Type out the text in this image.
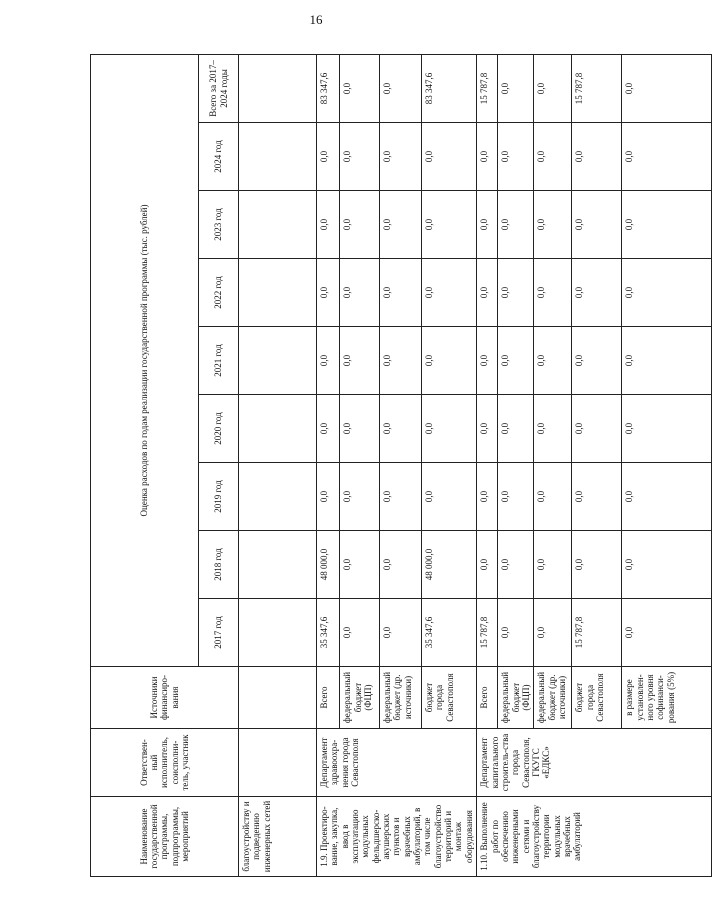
16
Наименование государственной программы, подпрограммы, мероприятий	Ответствен-ный исполнитель, соисполни-тель, участник	Источники финансиро-вания	Оценка расходов по годам реализации государственной программы (тыс. рублей)								
			2017 год	2018 год	2019 год	2020 год	2021 год	2022 год	2023 год	2024 год	Всего за 2017–2024 годы
благоустройству и подведению инженерных сетей											
1.9. Проектиро-вание, закупка, ввод в эксплуатацию модульных фельдшерско-акушерских пунктов и врачебных амбулаторий, в том числе благоустройство территорий и монтаж оборудования	Департамент здравоохра-нения города Севастополя	Всего	35 347,6	48 000,0	0,0	0,0	0,0	0,0	0,0	0,0	83 347,6
		федеральный бюджет (ФЦП)	0,0	0,0	0,0	0,0	0,0	0,0	0,0	0,0	0,0
		федеральный бюджет (др. источники)	0,0	0,0	0,0	0,0	0,0	0,0	0,0	0,0	0,0
		бюджет города Севастополя	35 347,6	48 000,0	0,0	0,0	0,0	0,0	0,0	0,0	83 347,6
1.10. Выполнение работ по обеспечению инженерными сетями и благоустройству территории модульных врачебных амбулаторий	Департамент капитального строитель-ства города Севастополя, ГКУГС «ЕДКС»	Всего	15 787,8	0,0	0,0	0,0	0,0	0,0	0,0	0,0	15 787,8
		федеральный бюджет (ФЦП)	0,0	0,0	0,0	0,0	0,0	0,0	0,0	0,0	0,0
		федеральный бюджет (др. источники)	0,0	0,0	0,0	0,0	0,0	0,0	0,0	0,0	0,0
		бюджет города Севастополя	15 787,8	0,0	0,0	0,0	0,0	0,0	0,0	0,0	15 787,8
		в размере установлен-ного уровня софинанси-рования (5%)	0,0	0,0	0,0	0,0	0,0	0,0	0,0	0,0	0,0
